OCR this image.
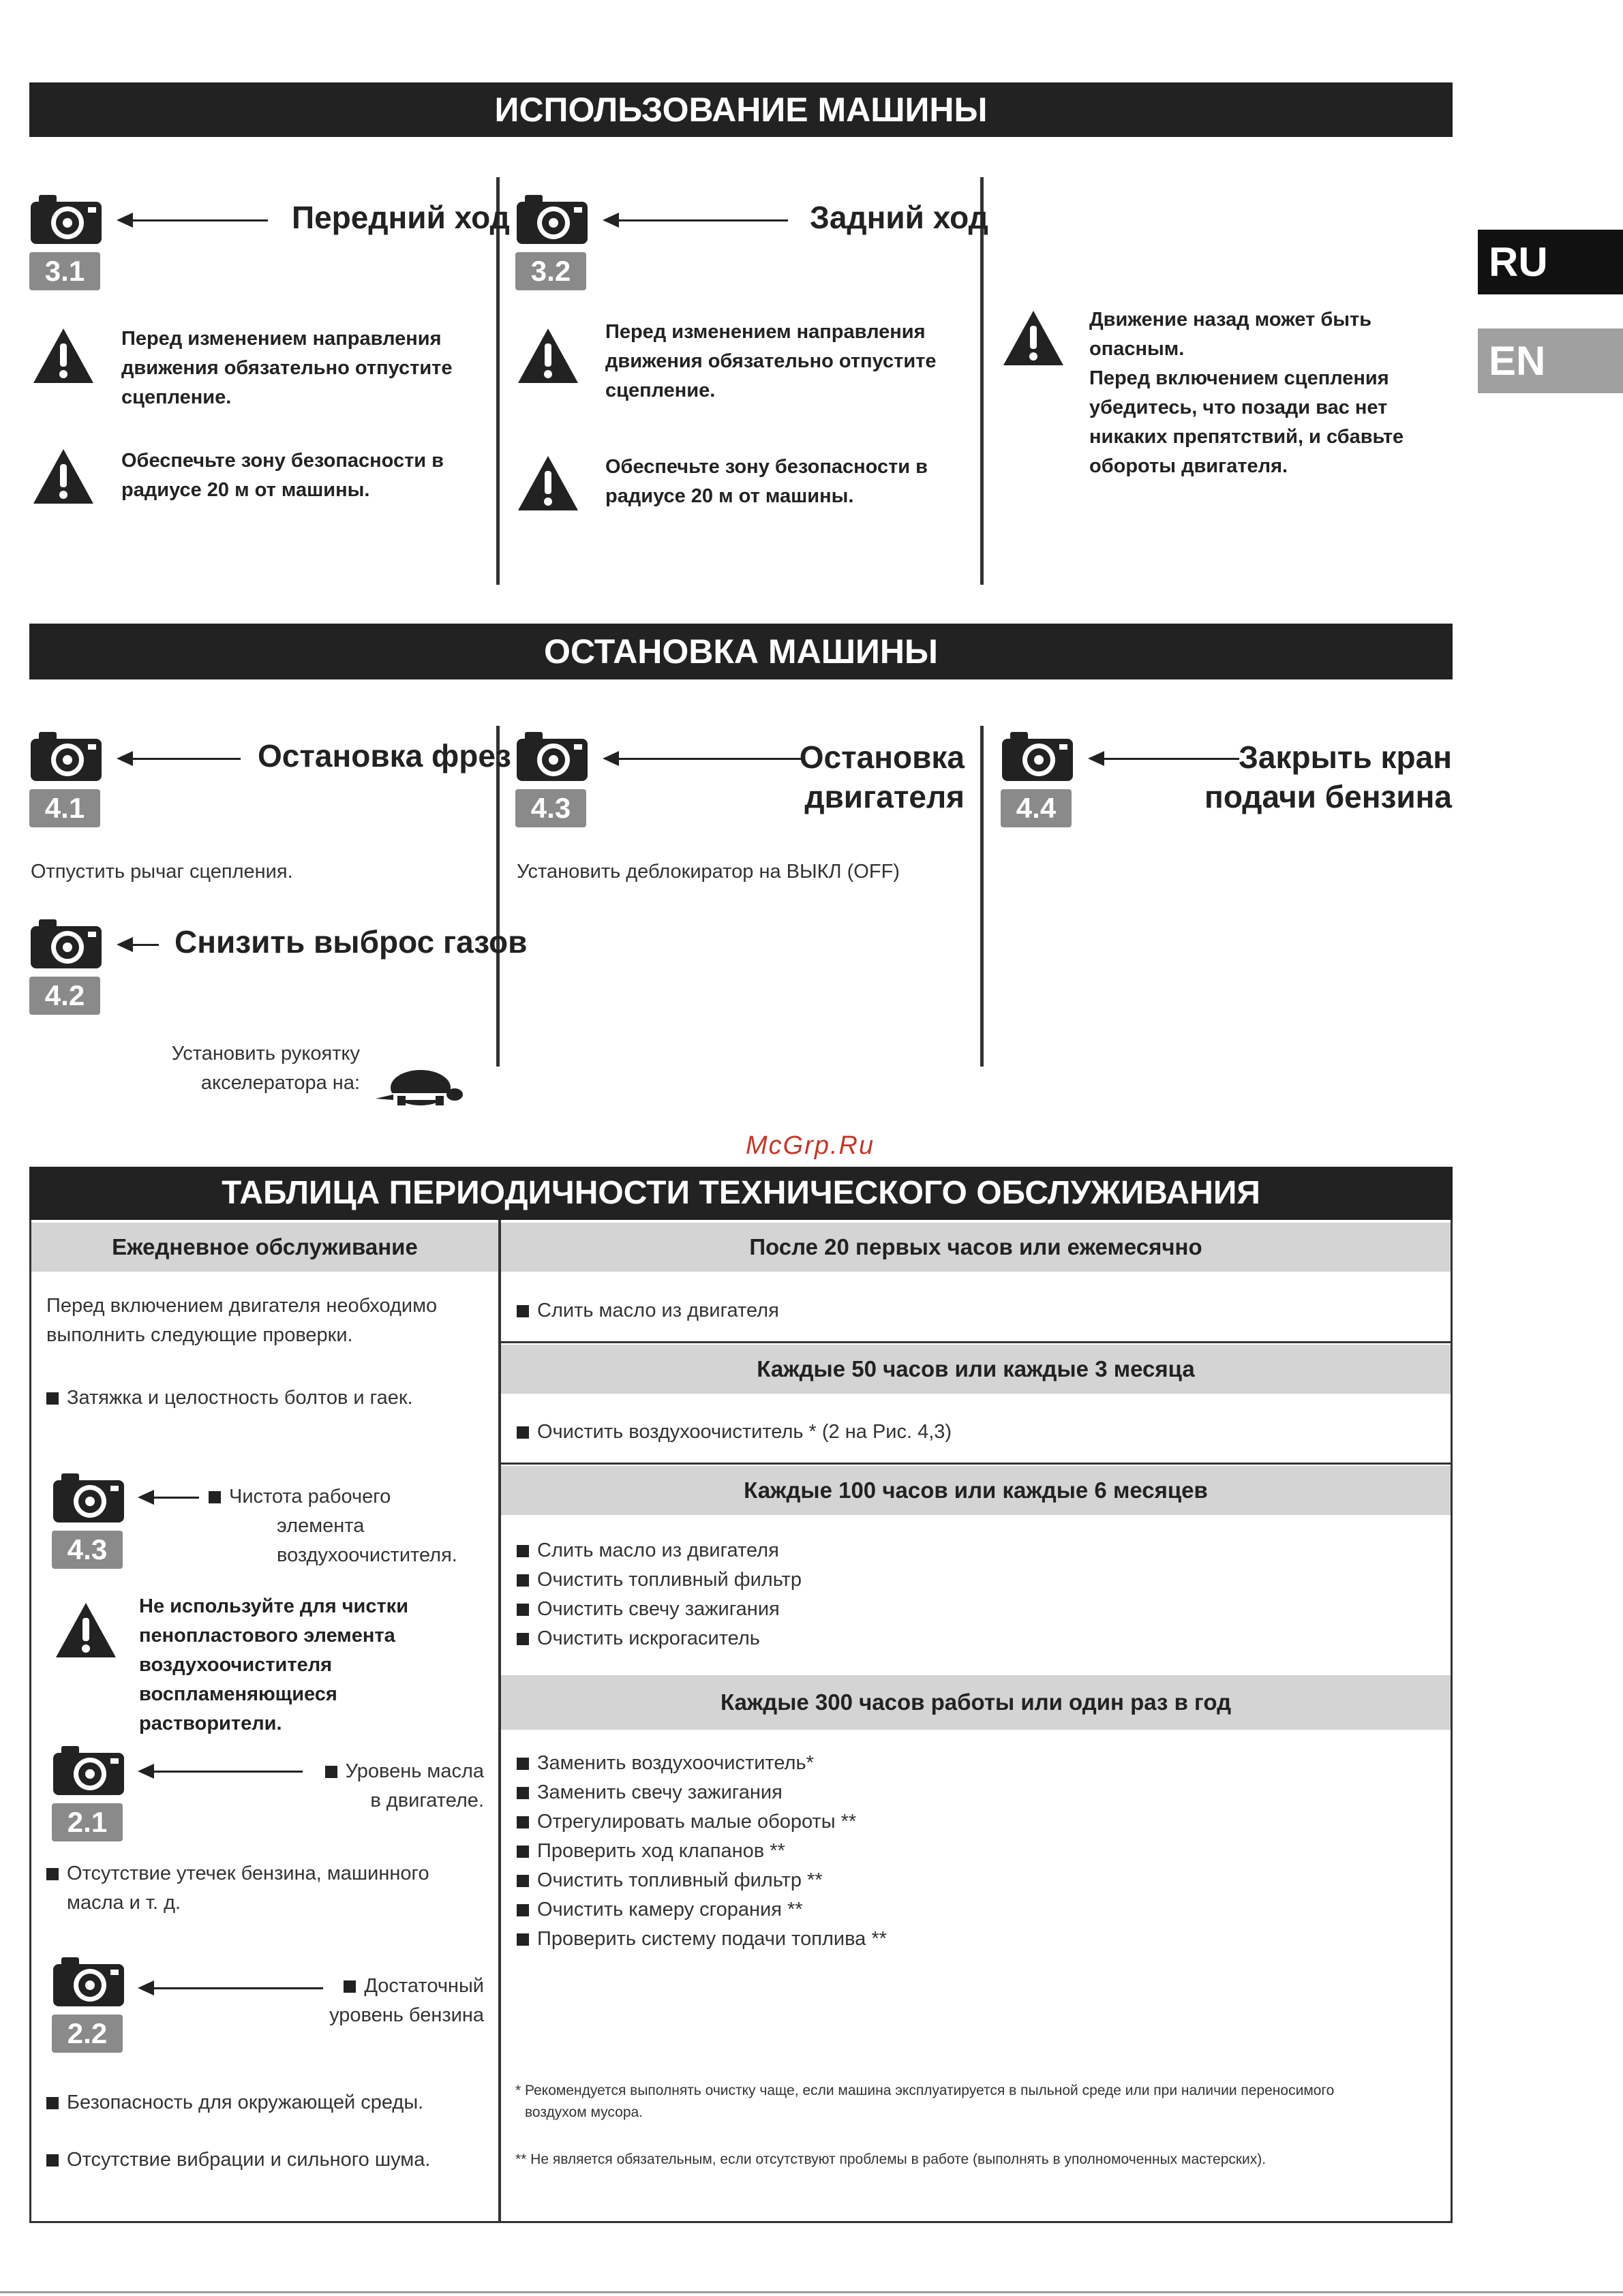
RU
EN
ИСПОЛЬЗОВАНИЕ МАШИНЫ
3.1
Передний ход
Перед изменением направления
движения обязательно отпустите
сцепление.
Обеспечьте зону безопасности в
радиусе 20 м от машины.
3.2
Задний ход
Перед изменением направления
движения обязательно отпустите
сцепление.
Обеспечьте зону безопасности в
радиусе 20 м от машины.
Движение назад может быть
опасным.
Перед включением сцепления
убедитесь, что позади вас нет
никаких препятствий, и сбавьте
обороты двигателя.
ОСТАНОВКА МАШИНЫ
4.1
Остановка фрез
Отпустить рычаг сцепления.
4.2
Снизить выброс газов
Установить рукоятку
акселератора на:
4.3
Остановка
двигателя
Установить деблокиратор на ВЫКЛ (OFF)
4.4
Закрыть кран
подачи бензина
McGrp.Ru
ТАБЛИЦА ПЕРИОДИЧНОСТИ ТЕХНИЧЕСКОГО ОБСЛУЖИВАНИЯ
Ежедневное обслуживание
Перед включением двигателя необходимо
выполнить следующие проверки.
Затяжка и целостность болтов и гаек.
4.3
Чистота рабочего
элемента
воздухоочистителя.
Не используйте для чистки
пенопластового элемента
воздухоочистителя
воспламеняющиеся
растворители.
2.1
Уровень масла
в двигателе.
Отсутствие утечек бензина, машинного
масла и т. д.
2.2
Достаточный
уровень бензина
Безопасность для окружающей среды.
Отсутствие вибрации и сильного шума.
После 20 первых часов или ежемесячно
Слить масло из двигателя
Каждые 50 часов или каждые 3 месяца
Очистить воздухоочиститель * (2 на Рис. 4,3)
Каждые 100 часов или каждые 6 месяцев
Слить масло из двигателя
Очистить топливный фильтр
Очистить свечу зажигания
Очистить искрогаситель
Каждые 300 часов работы или один раз в год
Заменить воздухоочиститель*
Заменить свечу зажигания
Отрегулировать малые обороты **
Проверить ход клапанов **
Очистить топливный фильтр **
Очистить камеру сгорания **
Проверить систему подачи топлива **
* Рекомендуется выполнять очистку чаще, если машина эксплуатируется в пыльной среде или при наличии переносимого
воздухом мусора.
** Не является обязательным, если отсутствуют проблемы в работе (выполнять в уполномоченных мастерских).
